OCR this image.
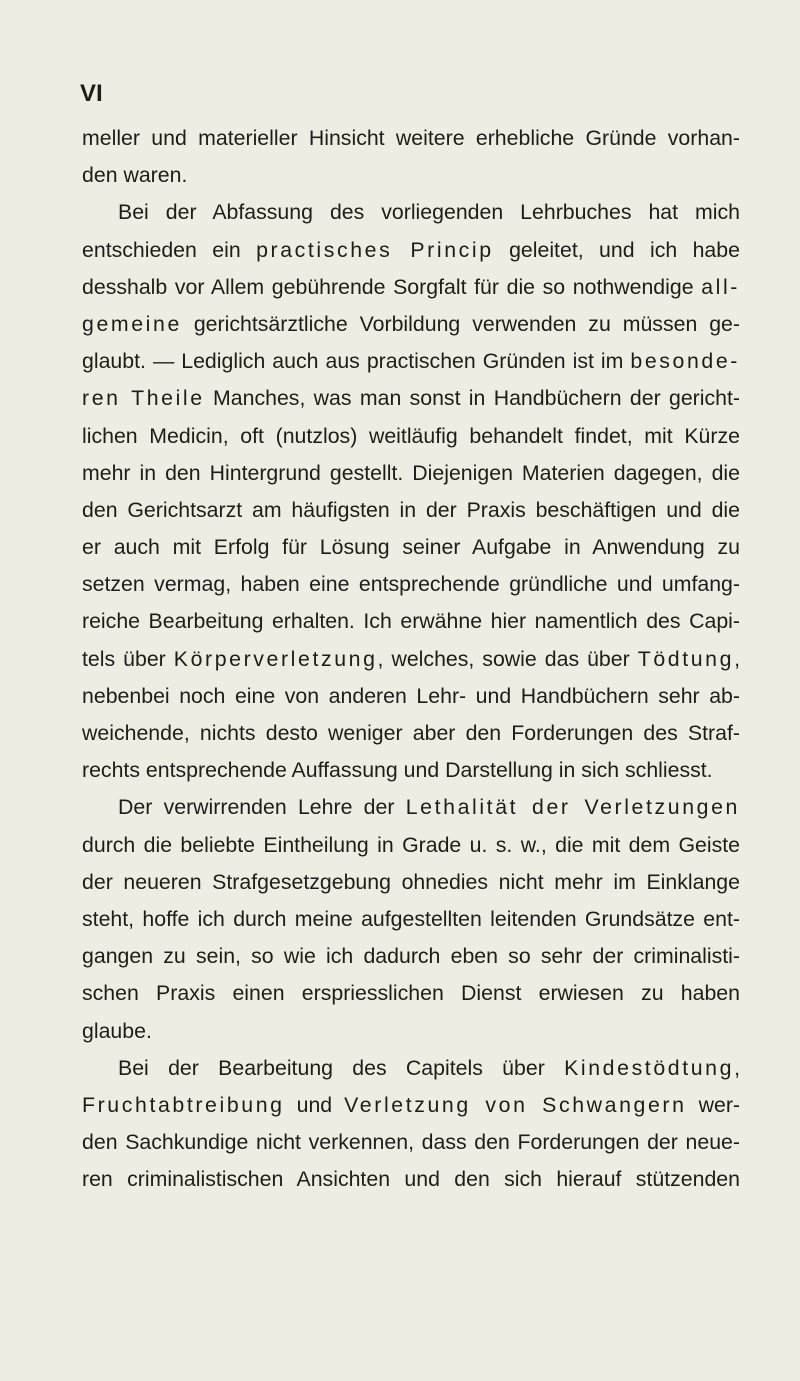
VI
meller und materieller Hinsicht weitere erhebliche Gründe vorhan-
den waren.
Bei der Abfassung des vorliegenden Lehrbuches hat mich
entschieden ein practisches Princip geleitet, und ich habe
desshalb vor Allem gebührende Sorgfalt für die so nothwendige all-
gemeine gerichtsärztliche Vorbildung verwenden zu müssen ge-
glaubt. — Lediglich auch aus practischen Gründen ist im besonde-
ren Theile Manches, was man sonst in Handbüchern der gericht-
lichen Medicin, oft (nutzlos) weitläufig behandelt findet, mit Kürze
mehr in den Hintergrund gestellt. Diejenigen Materien dagegen, die
den Gerichtsarzt am häufigsten in der Praxis beschäftigen und die
er auch mit Erfolg für Lösung seiner Aufgabe in Anwendung zu
setzen vermag, haben eine entsprechende gründliche und umfang-
reiche Bearbeitung erhalten. Ich erwähne hier namentlich des Capi-
tels über Körperverletzung, welches, sowie das über Tödtung,
nebenbei noch eine von anderen Lehr- und Handbüchern sehr ab-
weichende, nichts desto weniger aber den Forderungen des Straf-
rechts entsprechende Auffassung und Darstellung in sich schliesst.
Der verwirrenden Lehre der Lethalität der Verletzungen
durch die beliebte Eintheilung in Grade u. s. w., die mit dem Geiste
der neueren Strafgesetzgebung ohnedies nicht mehr im Einklange
steht, hoffe ich durch meine aufgestellten leitenden Grundsätze ent-
gangen zu sein, so wie ich dadurch eben so sehr der criminalisti-
schen Praxis einen erspriesslichen Dienst erwiesen zu haben
glaube.
Bei der Bearbeitung des Capitels über Kindestödtung,
Fruchtabtreibung und Verletzung von Schwangern wer-
den Sachkundige nicht verkennen, dass den Forderungen der neue-
ren criminalistischen Ansichten und den sich hierauf stützenden
